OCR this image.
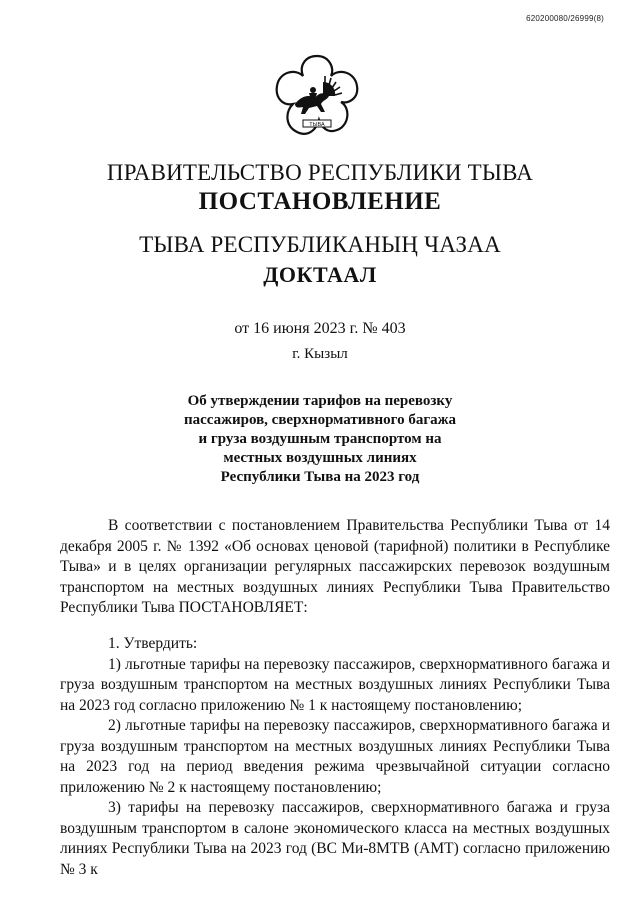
620200080/26999(8)
ТЫВА
ПРАВИТЕЛЬСТВО РЕСПУБЛИКИ ТЫВА
ПОСТАНОВЛЕНИЕ
ТЫВА РЕСПУБЛИКАНЫҢ ЧАЗАА
ДОКТААЛ
от 16 июня 2023 г. № 403
г. Кызыл
Об утверждении тарифов на перевозку
пассажиров, сверхнормативного багажа
и груза воздушным транспортом на
местных воздушных линиях
Республики Тыва на 2023 год

В соответствии с постановлением Правительства Республики Тыва от 14 декабря 2005 г. № 1392 «Об основах ценовой (тарифной) политики в Республике Тыва» и в целях организации регулярных пассажирских перевозок воздушным транспортом на местных воздушных линиях Республики Тыва Правительство Республики Тыва ПОСТАНОВЛЯЕТ:

1. Утвердить:

1) льготные тарифы на перевозку пассажиров, сверхнормативного багажа и груза воздушным транспортом на местных воздушных линиях Республики Тыва на 2023 год согласно приложению № 1 к настоящему постановлению;

2) льготные тарифы на перевозку пассажиров, сверхнормативного багажа и груза воздушным транспортом на местных воздушных линиях Республики Тыва на 2023 год на период введения режима чрезвычайной ситуации согласно приложению № 2 к настоящему постановлению;

3) тарифы на перевозку пассажиров, сверхнормативного багажа и груза воздушным транспортом в салоне экономического класса на местных воздушных линиях Республики Тыва на 2023 год (ВС Ми-8МТВ (АМТ) согласно приложению № 3 к
